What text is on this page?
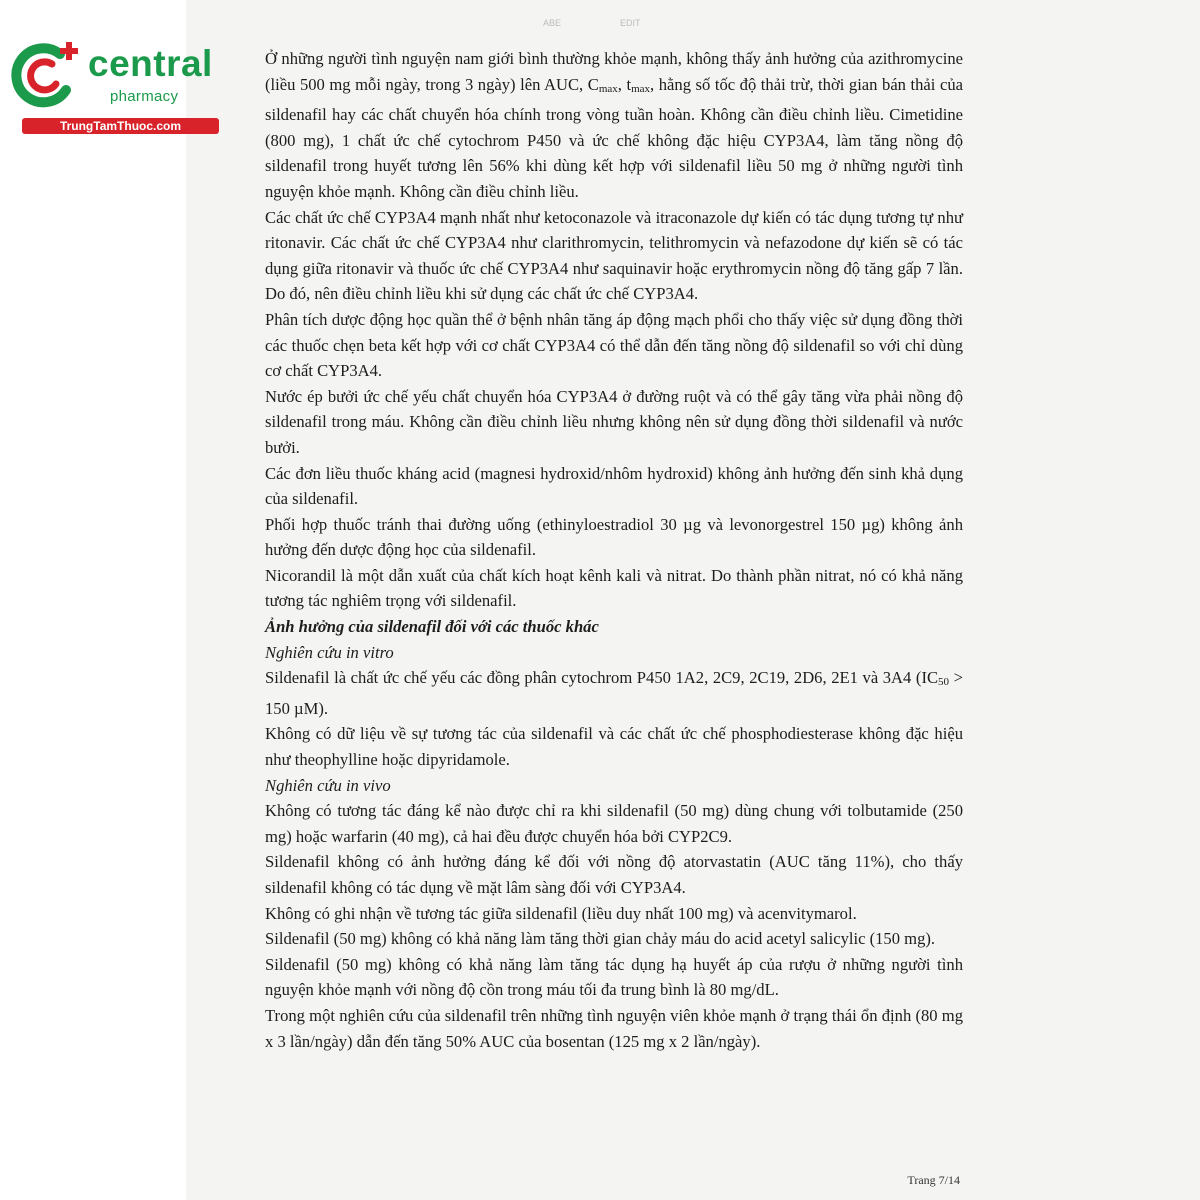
central
pharmacy
TrungTamThuoc.com
ABE	EDIT

Ở những người tình nguyện nam giới bình thường khỏe mạnh, không thấy ảnh hưởng của azithromycine (liều 500 mg mỗi ngày, trong 3 ngày) lên AUC, Cmax, tmax, hằng số tốc độ thải trừ, thời gian bán thải của sildenafil hay các chất chuyển hóa chính trong vòng tuần hoàn. Không cần điều chỉnh liều. Cimetidine (800 mg), 1 chất ức chế cytochrom P450 và ức chế không đặc hiệu CYP3A4, làm tăng nồng độ sildenafil trong huyết tương lên 56% khi dùng kết hợp với sildenafil liều 50 mg ở những người tình nguyện khỏe mạnh. Không cần điều chỉnh liều.

Các chất ức chế CYP3A4 mạnh nhất như ketoconazole và itraconazole dự kiến có tác dụng tương tự như ritonavir. Các chất ức chế CYP3A4 như clarithromycin, telithromycin và nefazodone dự kiến sẽ có tác dụng giữa ritonavir và thuốc ức chế CYP3A4 như saquinavir hoặc erythromycin nồng độ tăng gấp 7 lần. Do đó, nên điều chỉnh liều khi sử dụng các chất ức chế CYP3A4.

Phân tích dược động học quần thể ở bệnh nhân tăng áp động mạch phổi cho thấy việc sử dụng đồng thời các thuốc chẹn beta kết hợp với cơ chất CYP3A4 có thể dẫn đến tăng nồng độ sildenafil so với chỉ dùng cơ chất CYP3A4.

Nước ép bưởi ức chế yếu chất chuyển hóa CYP3A4 ở đường ruột và có thể gây tăng vừa phải nồng độ sildenafil trong máu. Không cần điều chỉnh liều nhưng không nên sử dụng đồng thời sildenafil và nước bưởi.

Các đơn liều thuốc kháng acid (magnesi hydroxid/nhôm hydroxid) không ảnh hưởng đến sinh khả dụng của sildenafil.

Phối hợp thuốc tránh thai đường uống (ethinyloestradiol 30 µg và levonorgestrel 150 µg) không ảnh hưởng đến dược động học của sildenafil.

Nicorandil là một dẫn xuất của chất kích hoạt kênh kali và nitrat. Do thành phần nitrat, nó có khả năng tương tác nghiêm trọng với sildenafil.

Ảnh hưởng của sildenafil đối với các thuốc khác

Nghiên cứu in vitro

Sildenafil là chất ức chế yếu các đồng phân cytochrom P450 1A2, 2C9, 2C19, 2D6, 2E1 và 3A4 (IC50 > 150 µM).

Không có dữ liệu về sự tương tác của sildenafil và các chất ức chế phosphodiesterase không đặc hiệu như theophylline hoặc dipyridamole.

Nghiên cứu in vivo

Không có tương tác đáng kể nào được chỉ ra khi sildenafil (50 mg) dùng chung với tolbutamide (250 mg) hoặc warfarin (40 mg), cả hai đều được chuyển hóa bởi CYP2C9.

Sildenafil không có ảnh hưởng đáng kể đối với nồng độ atorvastatin (AUC tăng 11%), cho thấy sildenafil không có tác dụng về mặt lâm sàng đối với CYP3A4.

Không có ghi nhận về tương tác giữa sildenafil (liều duy nhất 100 mg) và acenvitymarol.

Sildenafil (50 mg) không có khả năng làm tăng thời gian chảy máu do acid acetyl salicylic (150 mg).

Sildenafil (50 mg) không có khả năng làm tăng tác dụng hạ huyết áp của rượu ở những người tình nguyện khỏe mạnh với nồng độ cồn trong máu tối đa trung bình là 80 mg/dL.

Trong một nghiên cứu của sildenafil trên những tình nguyện viên khỏe mạnh ở trạng thái ổn định (80 mg x 3 lần/ngày) dẫn đến tăng 50% AUC của bosentan (125 mg x 2 lần/ngày).

Trang 7/14
